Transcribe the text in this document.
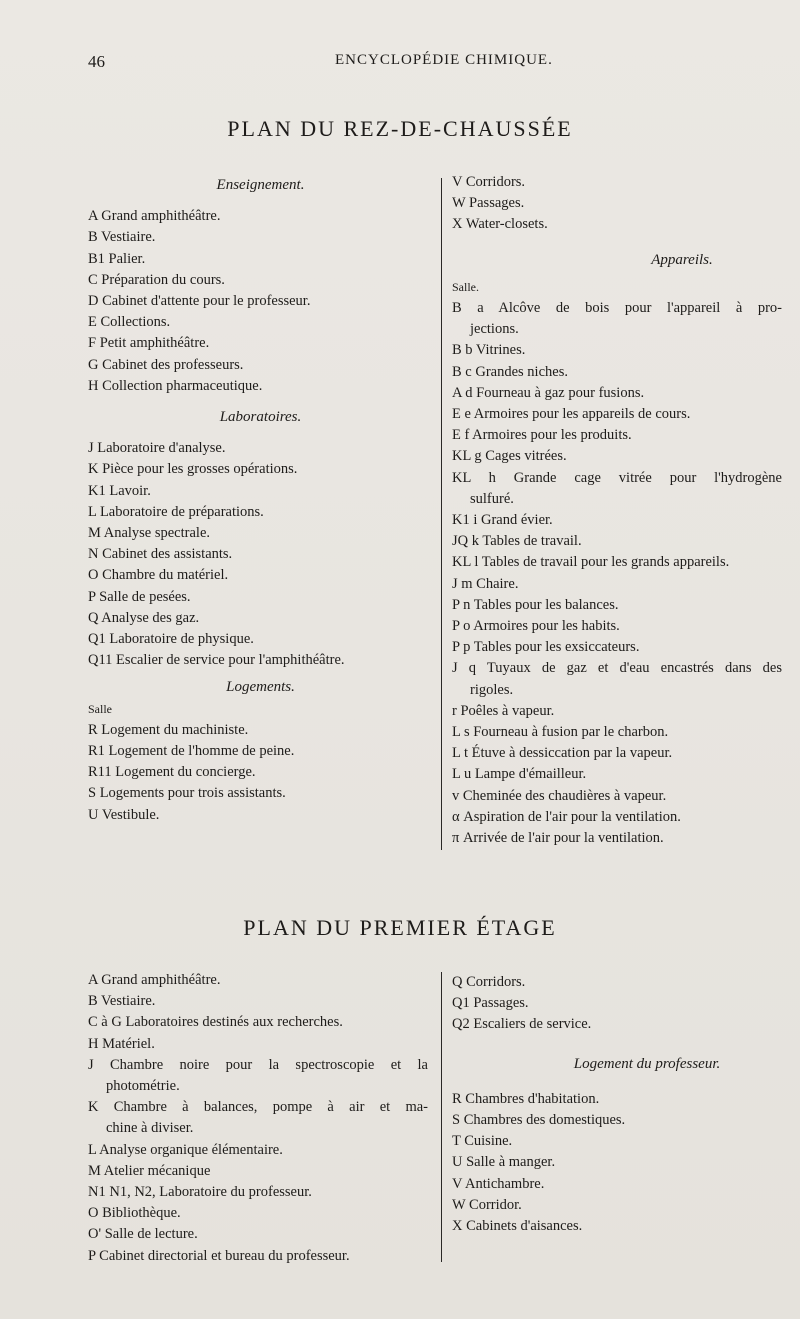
46	ENCYCLOPÉDIE CHIMIQUE.
PLAN DU REZ-DE-CHAUSSÉE
Enseignement.
A Grand amphithéâtre.
B Vestiaire.
B1 Palier.
C Préparation du cours.
D Cabinet d'attente pour le professeur.
E Collections.
F Petit amphithéâtre.
G Cabinet des professeurs.
H Collection pharmaceutique.
Laboratoires.
J Laboratoire d'analyse.
K Pièce pour les grosses opérations.
K1 Lavoir.
L Laboratoire de préparations.
M Analyse spectrale.
N Cabinet des assistants.
O Chambre du matériel.
P Salle de pesées.
Q Analyse des gaz.
Q1 Laboratoire de physique.
Q11 Escalier de service pour l'amphithéâtre.
Logements.
Salle
R Logement du machiniste.
R1 Logement de l'homme de peine.
R11 Logement du concierge.
S Logements pour trois assistants.
U Vestibule.
V Corridors.
W Passages.
X Water-closets.
Appareils.
Salle.
B a Alcôve de bois pour l'appareil à pro-
jections.
B b Vitrines.
B c Grandes niches.
A d Fourneau à gaz pour fusions.
E e Armoires pour les appareils de cours.
E f Armoires pour les produits.
KL g Cages vitrées.
KL h Grande cage vitrée pour l'hydrogène
sulfuré.
K1 i Grand évier.
JQ k Tables de travail.
KL l Tables de travail pour les grands appareils.
J m Chaire.
P n Tables pour les balances.
P o Armoires pour les habits.
P p Tables pour les exsiccateurs.
J q Tuyaux de gaz et d'eau encastrés dans des
rigoles.
r Poêles à vapeur.
L s Fourneau à fusion par le charbon.
L t Étuve à dessiccation par la vapeur.
L u Lampe d'émailleur.
v Cheminée des chaudières à vapeur.
α Aspiration de l'air pour la ventilation.
π Arrivée de l'air pour la ventilation.
PLAN DU PREMIER ÉTAGE
A Grand amphithéâtre.
B Vestiaire.
C à G Laboratoires destinés aux recherches.
H Matériel.
J Chambre noire pour la spectroscopie et la
photométrie.
K Chambre à balances, pompe à air et ma-
chine à diviser.
L Analyse organique élémentaire.
M Atelier mécanique
N1 N1, N2, Laboratoire du professeur.
O Bibliothèque.
O' Salle de lecture.
P Cabinet directorial et bureau du professeur.
Q Corridors.
Q1 Passages.
Q2 Escaliers de service.
Logement du professeur.
R Chambres d'habitation.
S Chambres des domestiques.
T Cuisine.
U Salle à manger.
V Antichambre.
W Corridor.
X Cabinets d'aisances.
